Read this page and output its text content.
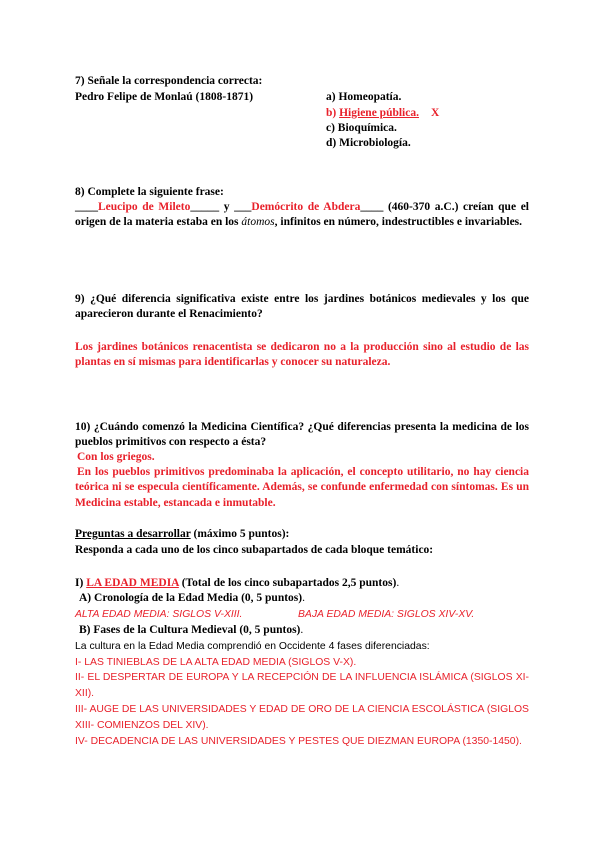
7) Señale la correspondencia correcta:
Pedro Felipe de Monlaú (1808-1871)	a) Homeopatía.
b) Higiene pública. X
c) Bioquímica.
d) Microbiología.
8) Complete la siguiente frase:
____Leucipo de Mileto_____ y ___Demócrito de Abdera____ (460-370 a.C.) creían que el origen de la materia estaba en los átomos, infinitos en número, indestructibles e invariables.
9) ¿Qué diferencia significativa existe entre los jardines botánicos medievales y los que aparecieron durante el Renacimiento?
Los jardines botánicos renacentista se dedicaron no a la producción sino al estudio de las plantas en sí mismas para identificarlas y conocer su naturaleza.
10) ¿Cuándo comenzó la Medicina Científica? ¿Qué diferencias presenta la medicina de los pueblos primitivos con respecto a ésta?
Con los griegos.
En los pueblos primitivos predominaba la aplicación, el concepto utilitario, no hay ciencia teórica ni se especula científicamente. Además, se confunde enfermedad con síntomas. Es un Medicina estable, estancada e inmutable.
Preguntas a desarrollar (máximo 5 puntos):
Responda a cada uno de los cinco subapartados de cada bloque temático:
I) LA EDAD MEDIA (Total de los cinco subapartados 2,5 puntos).
A) Cronología de la Edad Media (0, 5 puntos).
ALTA EDAD MEDIA: SIGLOS V-XIII.	BAJA EDAD MEDIA: SIGLOS XIV-XV.
B) Fases de la Cultura Medieval (0, 5 puntos).
La cultura en la Edad Media comprendió en Occidente 4 fases diferenciadas:
I- LAS TINIEBLAS DE LA ALTA EDAD MEDIA (SIGLOS V-X).
II- EL DESPERTAR DE EUROPA Y LA RECEPCIÓN DE LA INFLUENCIA ISLÁMICA (SIGLOS XI-XII).
III- AUGE DE LAS UNIVERSIDADES Y EDAD DE ORO DE LA CIENCIA ESCOLÁSTICA (SIGLOS XIII- COMIENZOS DEL XIV).
IV- DECADENCIA DE LAS UNIVERSIDADES Y PESTES QUE DIEZMAN EUROPA (1350-1450).
